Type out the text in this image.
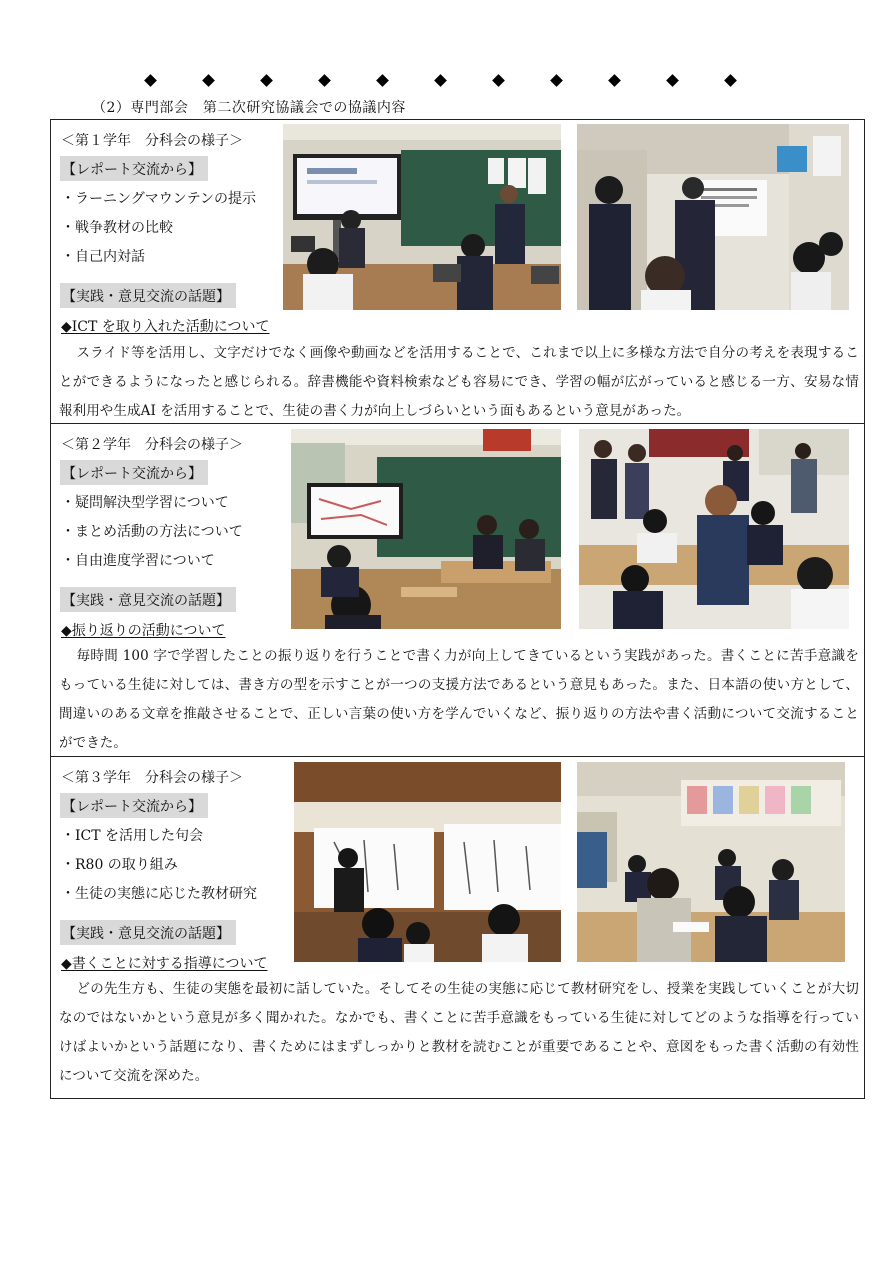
（2）専門部会　第二次研究協議会での協議内容
＜第１学年　分科会の様子＞
【レポート交流から】
・ラーニングマウンテンの提示
・戦争教材の比較
・自己内対話
【実践・意見交流の話題】
◆ICT を取り入れた活動について
スライド等を活用し、文字だけでなく画像や動画などを活用することで、これまで以上に多様な方法で自分の考えを表現することができるようになったと感じられる。辞書機能や資料検索なども容易にでき、学習の幅が広がっていると感じる一方、安易な情報利用や生成AI を活用することで、生徒の書く力が向上しづらいという面もあるという意見があった。
＜第２学年　分科会の様子＞
【レポート交流から】
・疑問解決型学習について
・まとめ活動の方法について
・自由進度学習について
【実践・意見交流の話題】
◆振り返りの活動について
毎時間 100 字で学習したことの振り返りを行うことで書く力が向上してきているという実践があった。書くことに苦手意識をもっている生徒に対しては、書き方の型を示すことが一つの支援方法であるという意見もあった。また、日本語の使い方として、間違いのある文章を推敲させることで、正しい言葉の使い方を学んでいくなど、振り返りの方法や書く活動について交流することができた。
＜第３学年　分科会の様子＞
【レポート交流から】
・ICT を活用した句会
・R80 の取り組み
・生徒の実態に応じた教材研究
【実践・意見交流の話題】
◆書くことに対する指導について
どの先生方も、生徒の実態を最初に話していた。そしてその生徒の実態に応じて教材研究をし、授業を実践していくことが大切なのではないかという意見が多く聞かれた。なかでも、書くことに苦手意識をもっている生徒に対してどのような指導を行っていけばよいかという話題になり、書くためにはまずしっかりと教材を読むことが重要であることや、意図をもった書く活動の有効性について交流を深めた。
